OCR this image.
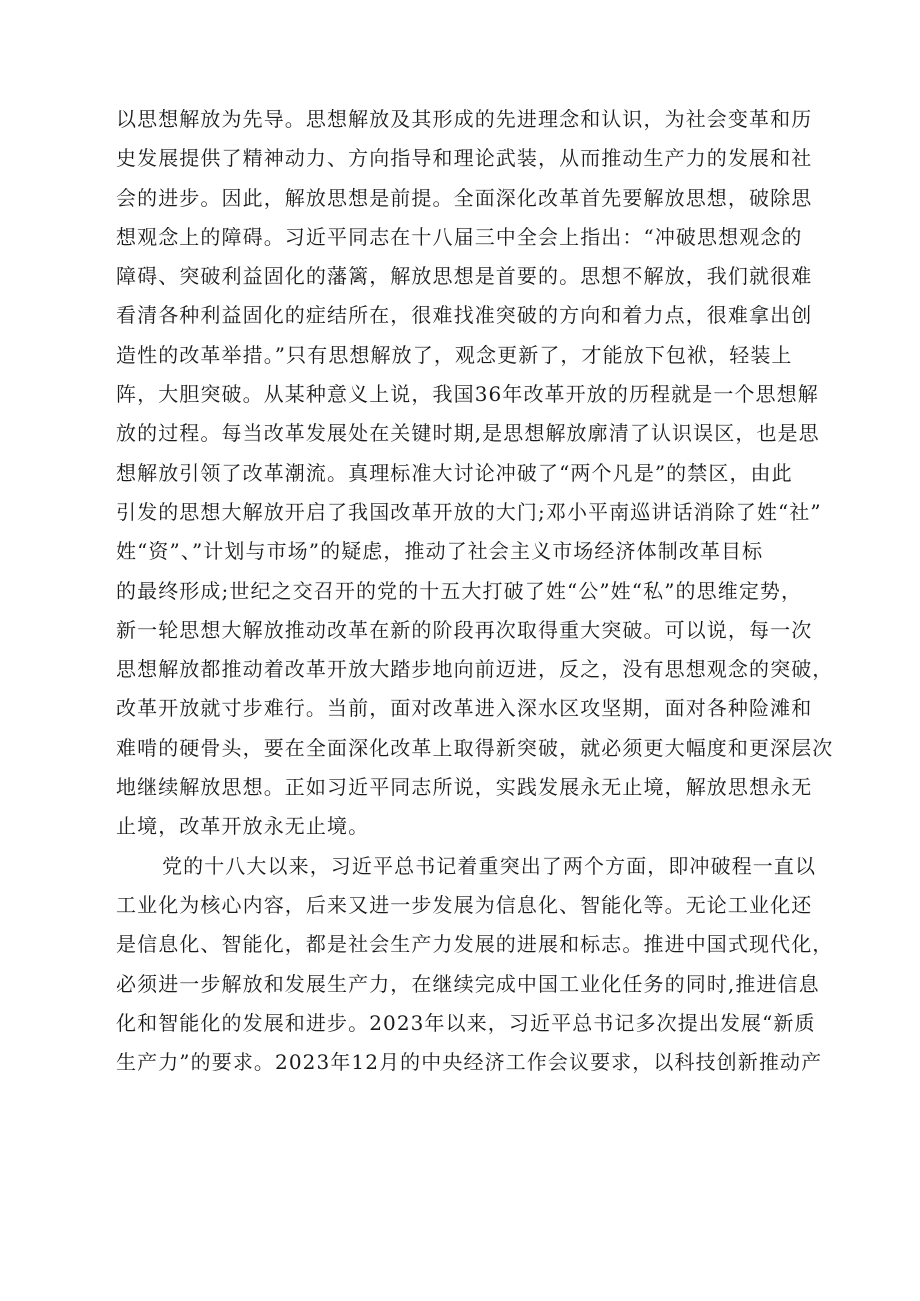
以思想解放为先导。思想解放及其形成的先进理念和认识，为社会变革和历
史发展提供了精神动力、方向指导和理论武装，从而推动生产力的发展和社
会的进步。因此，解放思想是前提。全面深化改革首先要解放思想，破除思
想观念上的障碍。习近平同志在十八届三中全会上指出：“冲破思想观念的
障碍、突破利益固化的藩篱，解放思想是首要的。思想不解放，我们就很难
看清各种利益固化的症结所在，很难找准突破的方向和着力点，很难拿出创
造性的改革举措。”只有思想解放了，观念更新了，才能放下包袱，轻装上
阵，大胆突破。从某种意义上说，我国36年改革开放的历程就是一个思想解
放的过程。每当改革发展处在关键时期,是思想解放廓清了认识误区，也是思
想解放引领了改革潮流。真理标准大讨论冲破了“两个凡是”的禁区，由此
引发的思想大解放开启了我国改革开放的大门;邓小平南巡讲话消除了姓“社”
姓“资”、”计划与市场”的疑虑，推动了社会主义市场经济体制改革目标
的最终形成;世纪之交召开的党的十五大打破了姓“公”姓“私”的思维定势，
新一轮思想大解放推动改革在新的阶段再次取得重大突破。可以说，每一次
思想解放都推动着改革开放大踏步地向前迈进，反之，没有思想观念的突破，
改革开放就寸步难行。当前，面对改革进入深水区攻坚期，面对各种险滩和
难啃的硬骨头，要在全面深化改革上取得新突破，就必须更大幅度和更深层次
地继续解放思想。正如习近平同志所说，实践发展永无止境，解放思想永无
止境，改革开放永无止境。
党的十八大以来，习近平总书记着重突出了两个方面，即冲破程一直以
工业化为核心内容，后来又进一步发展为信息化、智能化等。无论工业化还
是信息化、智能化，都是社会生产力发展的进展和标志。推进中国式现代化，
必须进一步解放和发展生产力，在继续完成中国工业化任务的同时,推进信息
化和智能化的发展和进步。2023年以来，习近平总书记多次提出发展“新质
生产力”的要求。2023年12月的中央经济工作会议要求，以科技创新推动产
